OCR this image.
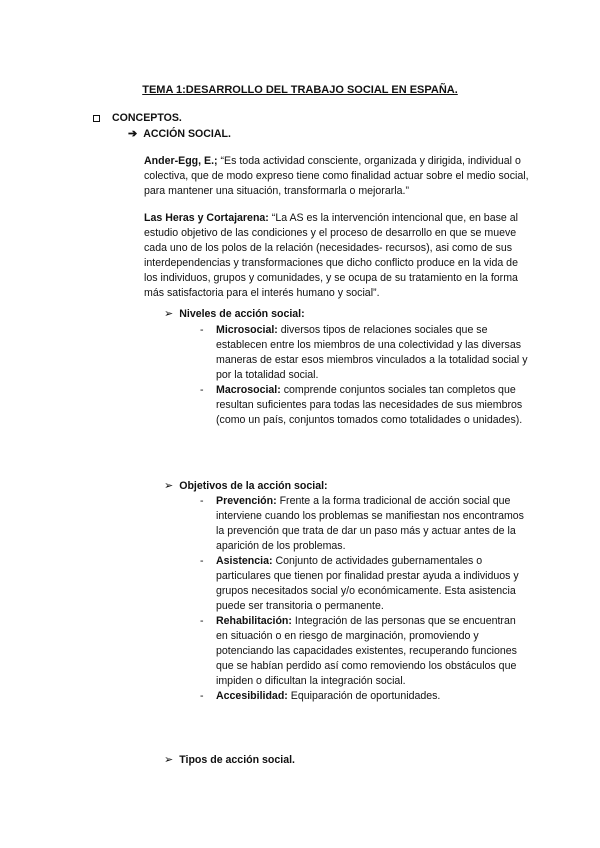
TEMA 1:DESARROLLO DEL TRABAJO SOCIAL EN ESPAÑA.
CONCEPTOS.
➔ ACCIÓN SOCIAL.
Ander-Egg, E.; “Es toda actividad consciente, organizada y dirigida, individual o colectiva, que de modo expreso tiene como finalidad actuar sobre el medio social, para mantener una situación, transformarla o mejorarla.”
Las Heras y Cortajarena: “La AS es la intervención intencional que, en base al estudio objetivo de las condiciones y el proceso de desarrollo en que se mueve cada uno de los polos de la relación (necesidades- recursos), asi como de sus interdependencias y transformaciones que dicho conflicto produce en la vida de los individuos, grupos y comunidades, y se ocupa de su tratamiento en la forma más satisfactoria para el interés humano y social”.
➢ Niveles de acción social:
- Microsocial: diversos tipos de relaciones sociales que se establecen entre los miembros de una colectividad y las diversas maneras de estar esos miembros vinculados a la totalidad social y por la totalidad social.
- Macrosocial: comprende conjuntos sociales tan completos que resultan suficientes para todas las necesidades de sus miembros (como un país, conjuntos tomados como totalidades o unidades).
➢ Objetivos de la acción social:
- Prevención: Frente a la forma tradicional de acción social que interviene cuando los problemas se manifiestan nos encontramos la prevención que trata de dar un paso más y actuar antes de la aparición de los problemas.
- Asistencia: Conjunto de actividades gubernamentales o particulares que tienen por finalidad prestar ayuda a individuos y grupos necesitados social y/o económicamente. Esta asistencia puede ser transitoria o permanente.
- Rehabilitación: Integración de las personas que se encuentran en situación o en riesgo de marginación, promoviendo y potenciando las capacidades existentes, recuperando funciones que se habían perdido así como removiendo los obstáculos que impiden o dificultan la integración social.
- Accesibilidad: Equiparación de oportunidades.
➢ Tipos de acción social.
